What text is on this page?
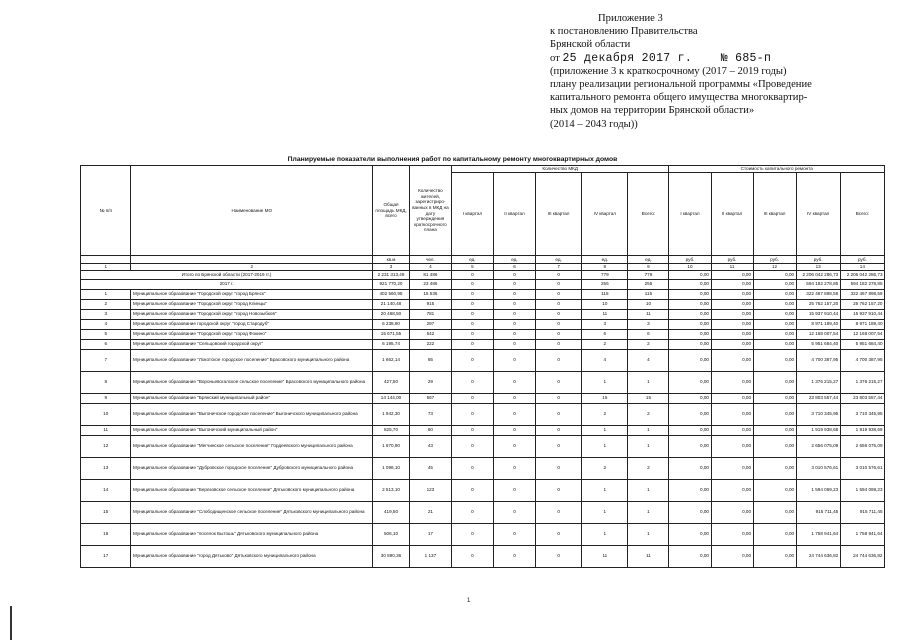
Приложение 3
к постановлению Правительства
Брянской области
от 25 декабря 2017 г. № 685-п
(приложение 3 к краткосрочному (2017 – 2019 годы)
плану реализации региональной программы «Проведение
капитального ремонта общего имущества многоквартир-
ных домов на территории Брянской области»
(2014 – 2043 годы))
Планируемые показатели выполнения работ по капитальному ремонту многоквартирных домов
№ п/п	Наименование МО	Общая площадь МКД, всего	Количество жителей, зарегистриро-ванных в МКД на дату утверждения краткосрочного плана	Количество МКД					Стоимость капитального ремонта				
				I квартал	II квартал	III квартал	IV квартал	Всего:	I квартал	II квартал	III квартал	IV квартал	Всего:
		кв.м	чел.	ед.	ед.	ед.	ед.	ед.	руб.	руб.	руб.	руб.	руб.
1	2	3	4	5	6	7	8	9	10	11	12	13	14
Итого по Брянской области (2017-2019 гг.)		2 231 313,49	81 486	0	0	0	779	779	0,00	0,00	0,00	2 206 042 286,73	2 206 042 286,73
2017 г.		921 770,20	23 486	0	0	0	255	255	0,00	0,00	0,00	594 182 278,85	594 182 278,85
1	Муниципальное образование "Городской округ "город Брянск"	402 560,95	15 536	0	0	0	115	115	0,00	0,00	0,00	322 467 898,58	322 467 898,58
2	Муниципальное образование "Городской округ "город Клинцы"	21 140,48	915	0	0	0	10	10	0,00	0,00	0,00	25 762 157,20	25 762 157,20
3	Муниципальное образование "Городской округ "город Новозыбков"	20 468,50	781	0	0	0	11	11	0,00	0,00	0,00	15 937 910,44	15 937 910,44
4	Муниципальное образование городской округ "город Стародуб"	6 238,90	297	0	0	0	3	3	0,00	0,00	0,00	8 971 189,40	8 971 189,40
5	Муниципальное образование "Городской округ "город Фокино"	15 671,55	542	0	0	0	6	6	0,00	0,00	0,00	12 168 007,54	12 168 007,54
6	Муниципальное образование "Сельцовский городской округ"	6 195,74	222	0	0	0	2	2	0,00	0,00	0,00	5 951 684,40	5 951 684,40
7	Муниципальное образование "Локотское городское поселение" Брасовского муниципального района	1 662,14	65	0	0	0	4	4	0,00	0,00	0,00	4 700 387,95	4 700 387,95
8	Муниципальное образование "Вороньевогалское сельское поселение" Брасовского муниципального района	427,50	29	0	0	0	1	1	0,00	0,00	0,00	1 376 215,27	1 376 215,27
9	Муниципальное образование "Брянский муниципальный район"	14 144,00	567	0	0	0	15	15	0,00	0,00	0,00	23 803 557,44	23 803 557,44
10	Муниципальное образование "Выгоничское городское поселение" Выгоничского муниципального района	1 942,30	73	0	0	0	2	2	0,00	0,00	0,00	3 710 345,95	3 710 345,95
11	Муниципальное образование "Выгоничский муниципальный район"	825,70	60	0	0	0	1	1	0,00	0,00	0,00	1 919 938,68	1 919 938,68
12	Муниципальное образование "Мегчинское сельское поселение" Гордеевского муниципального района	1 670,90	43	0	0	0	1	1	0,00	0,00	0,00	2 656 075,09	2 656 075,09
13	Муниципальное образование "Дубровское городское поселение" Дубровского муниципального района	1 098,10	45	0	0	0	2	2	0,00	0,00	0,00	3 010 576,61	3 010 576,61
14	Муниципальное образование "Березовское сельское поселение" Дятьковского муниципального района	2 513,10	123	0	0	0	1	1	0,00	0,00	0,00	1 594 069,23	1 594 069,23
15	Муниципальное образование "Слободищенское сельское поселение" Дятьковского муниципального района	419,50	21	0	0	0	1	1	0,00	0,00	0,00	915 711,45	915 711,45
16	Муниципальное образование "поселок Бытошь" Дятьковского муниципального района	506,10	17	0	0	0	1	1	0,00	0,00	0,00	1 758 941,64	1 758 941,64
17	Муниципальное образование "город Дятьково" Дятьковского муниципального района	30 890,36	1 137	0	0	0	11	11	0,00	0,00	0,00	24 744 636,82	24 744 636,82
1
